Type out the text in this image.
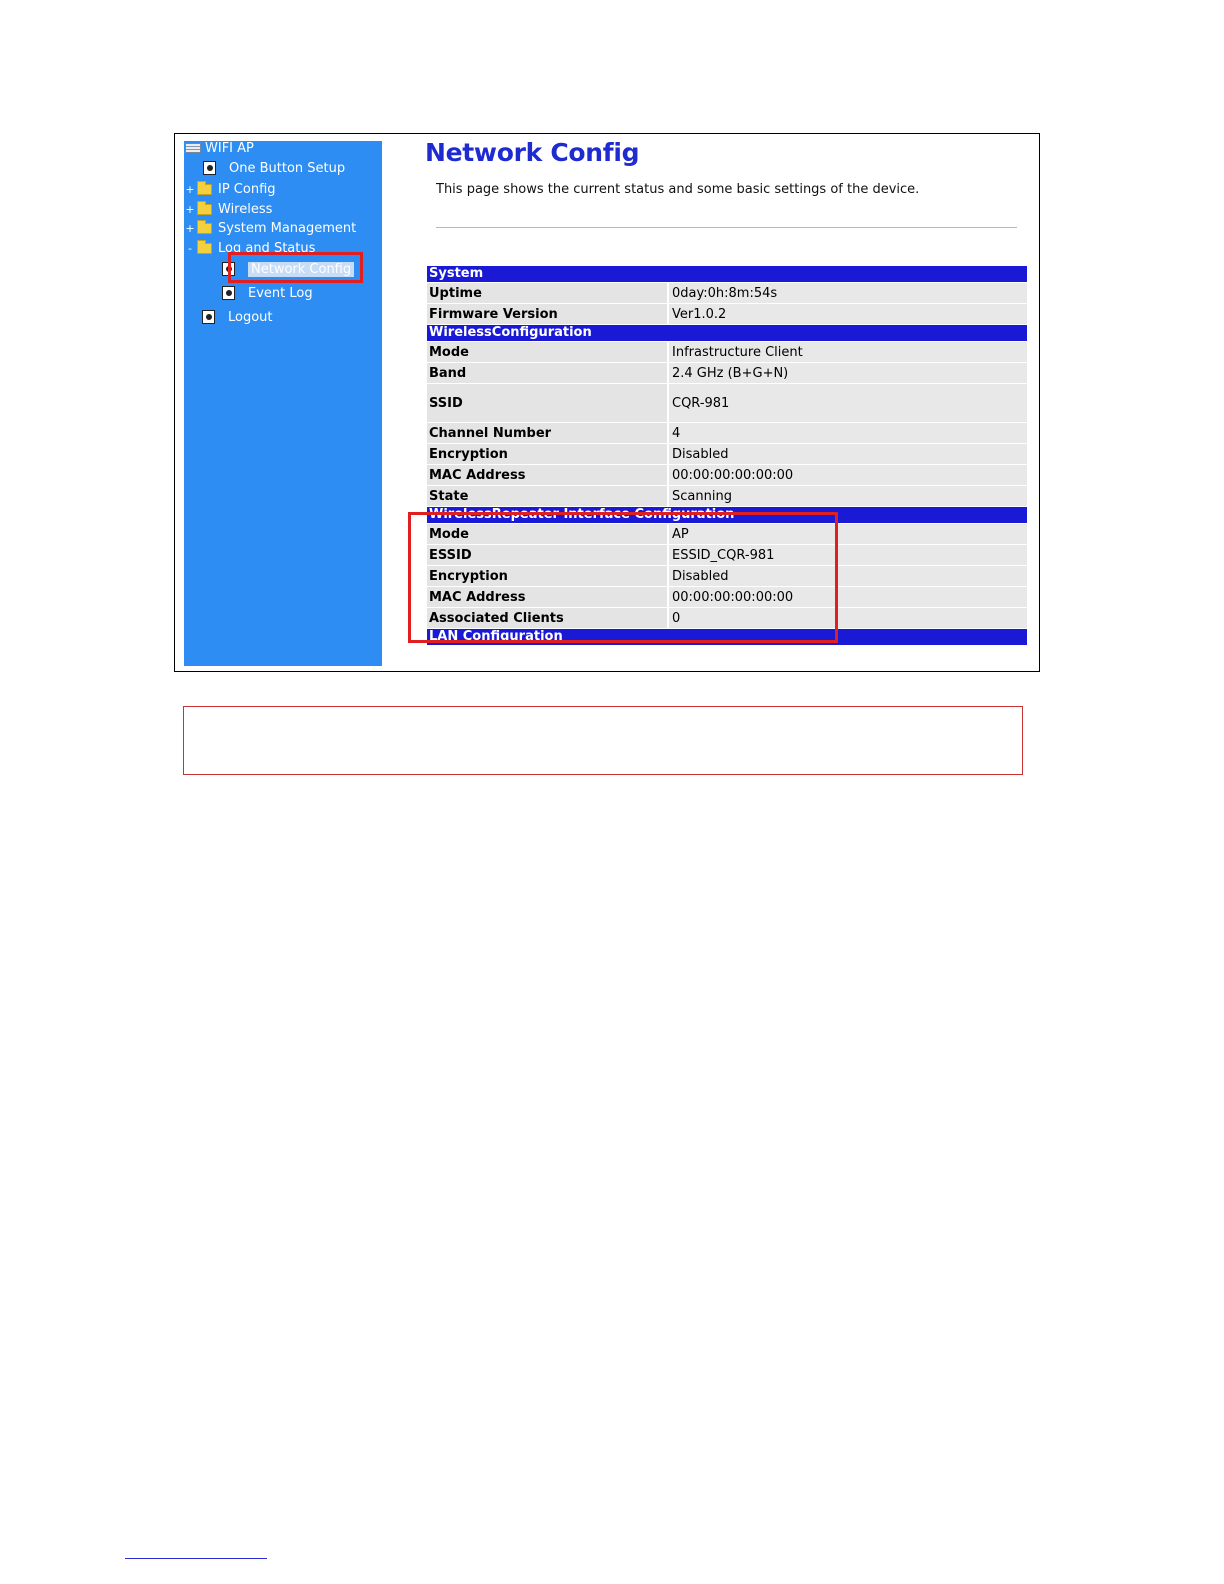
WIFI AP
One Button Setup
+ IP Config
+ Wireless
+ System Management
- Log and Status
Network Config
Event Log
Logout
Network Config
This page shows the current status and some basic settings of the device.
System
Uptime	0day:0h:8m:54s
Firmware Version	Ver1.0.2
WirelessConfiguration
Mode	Infrastructure Client
Band	2.4 GHz (B+G+N)
SSID	CQR-981
Channel Number	4
Encryption	Disabled
MAC Address	00:00:00:00:00:00
State	Scanning
WirelessRepeater Interface Configuration
Mode	AP
ESSID	ESSID_CQR-981
Encryption	Disabled
MAC Address	00:00:00:00:00:00
Associated Clients	0
LAN Configuration
